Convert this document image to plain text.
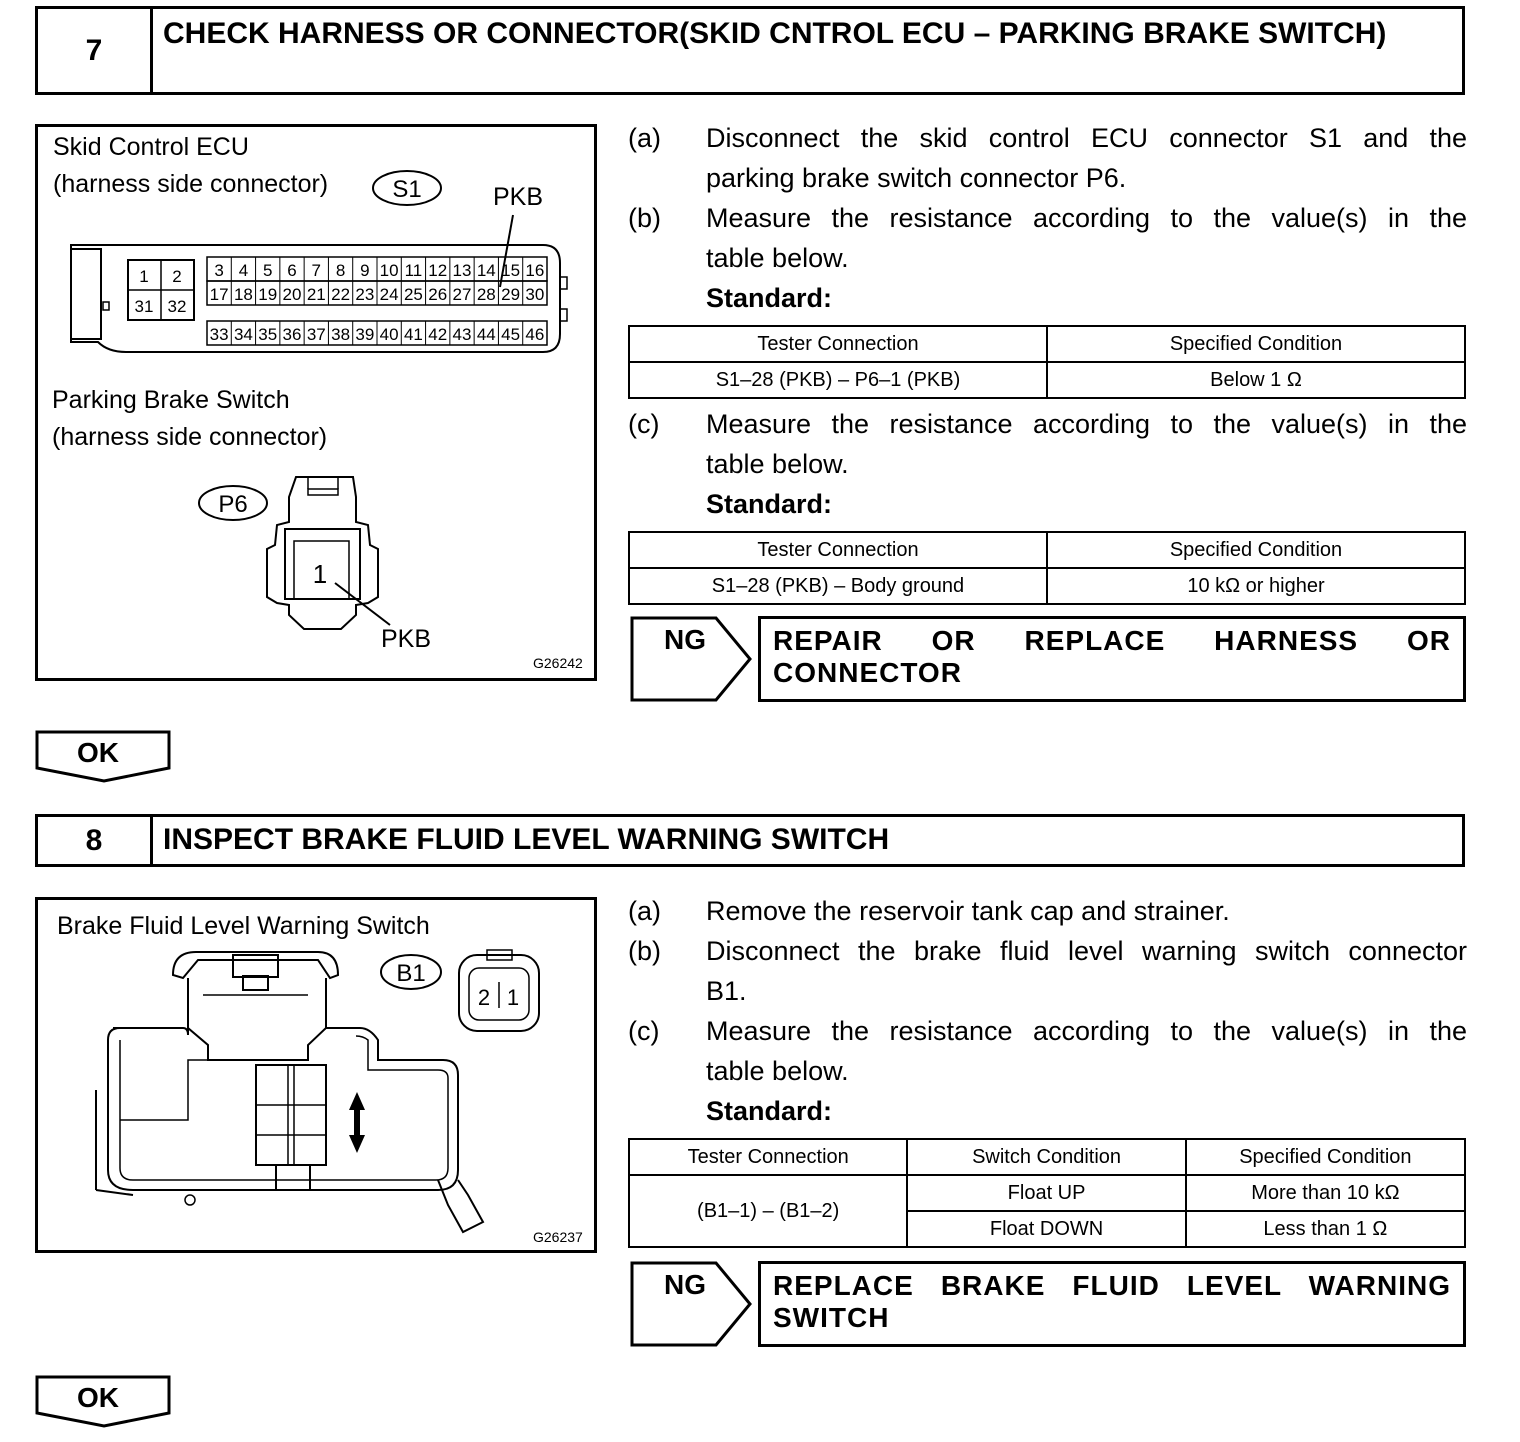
7	CHECK HARNESS OR CONNECTOR(SKID CNTROL ECU – PARKING BRAKE SWITCH)
Skid Control ECU
(harness side connector)	PKB
3 4 5 6 7 8 9 10 11 12 13 14 15 16
17 18 19 20 21 22 23 24 25 26 27 28 29 30
33 34 35 36 37 38 39 40 41 42 43 44 45 46
1 2
31 32
S1
P6
1
Parking Brake Switch
(harness side connector)
PKB
G26242
(a) Disconnect the skid control ECU connector S1 and the
parking brake switch connector P6.
(b) Measure the resistance according to the value(s) in the
table below.
Standard:
Tester Connection	Specified Condition
S1–28 (PKB) – P6–1 (PKB)	Below 1 Ω
(c) Measure the resistance according to the value(s) in the
table below.
Standard:
Tester Connection	Specified Condition
S1–28 (PKB) – Body ground	10 kΩ or higher
NG REPAIR OR REPLACE HARNESS OR
CONNECTOR
OK
8	INSPECT BRAKE FLUID LEVEL WARNING SWITCH
Brake Fluid Level Warning Switch
B1
2 1
G26237
(a) Remove the reservoir tank cap and strainer.
(b) Disconnect the brake fluid level warning switch connector
B1.
(c) Measure the resistance according to the value(s) in the
table below.
Standard:
Tester Connection	Switch Condition	Specified Condition
(B1–1) – (B1–2)	Float UP	More than 10 kΩ
	Float DOWN	Less than 1 Ω
NG REPLACE BRAKE FLUID LEVEL WARNING
SWITCH
OK
